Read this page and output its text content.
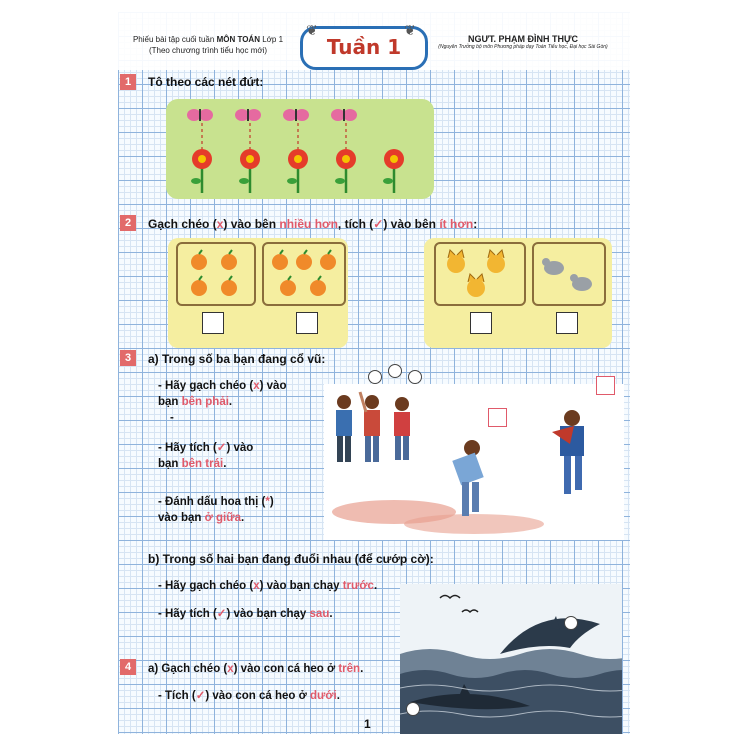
Phiếu bài tập cuối tuần MÔN TOÁN Lớp 1
(Theo chương trình tiểu học mới)	Tuần 1
❦	❦
NGƯT. PHẠM ĐÌNH THỰC
(Nguyên Trưởng bộ môn Phương pháp dạy Toán Tiểu học, Đại học Sài Gòn)
1	Tô theo các nét đứt:
2	Gạch chéo (x) vào bên nhiều hơn, tích (✓) vào bên ít hơn:
3	a) Trong số ba bạn đang cổ vũ:
- Hãy gạch chéo (x) vào
bạn bên phải.
-
- Hãy tích (✓) vào
bạn bên trái.
- Đánh dấu hoa thị (*)
vào bạn ở giữa.
b) Trong số hai bạn đang đuổi nhau (để cướp cờ):
- Hãy gạch chéo (x) vào bạn chạy trước.
- Hãy tích (✓) vào bạn chạy sau.
4	a) Gạch chéo (x) vào con cá heo ở trên.
- Tích (✓) vào con cá heo ở dưới.
1
